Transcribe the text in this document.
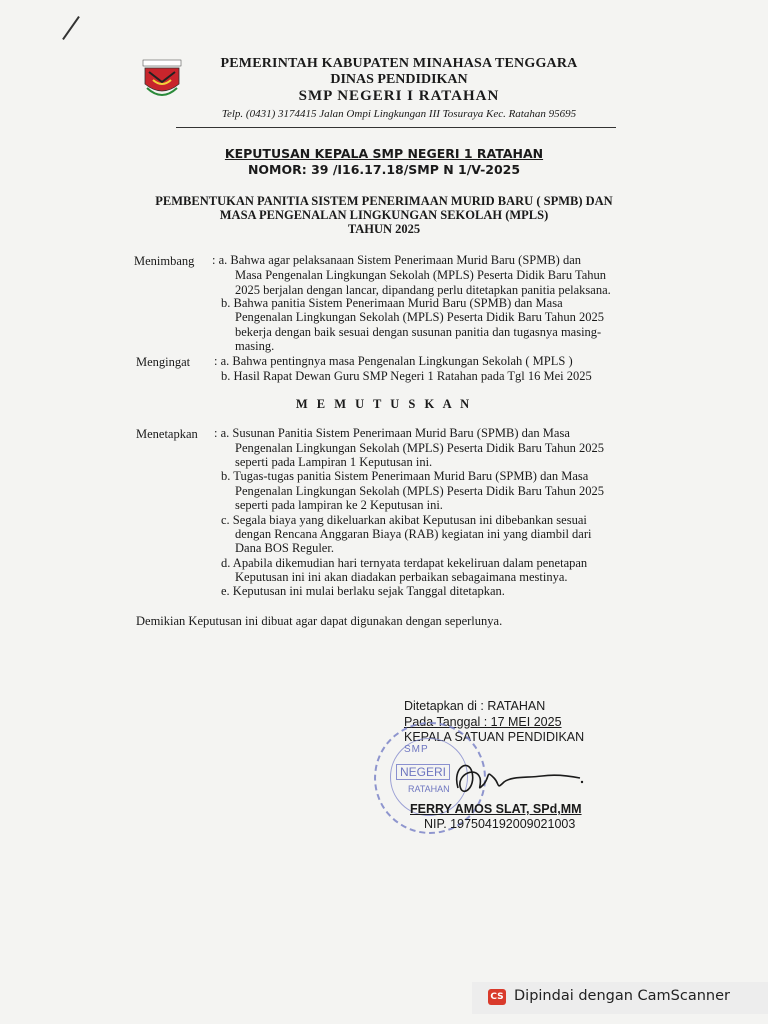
PEMERINTAH KABUPATEN MINAHASA TENGGARA
DINAS PENDIDIKAN
SMP NEGERI I RATAHAN
Telp. (0431) 3174415 Jalan Ompi Lingkungan III Tosuraya Kec. Ratahan 95695
KEPUTUSAN KEPALA SMP NEGERI 1 RATAHAN
NOMOR: 39 /I16.17.18/SMP N 1/V-2025
PEMBENTUKAN PANITIA SISTEM PENERIMAAN MURID BARU ( SPMB) DAN
MASA PENGENALAN LINGKUNGAN SEKOLAH (MPLS)
TAHUN 2025
Menimbang : a. Bahwa agar pelaksanaan Sistem Penerimaan Murid Baru (SPMB) dan
Masa Pengenalan Lingkungan Sekolah (MPLS) Peserta Didik Baru Tahun
2025 berjalan dengan lancar, dipandang perlu ditetapkan panitia pelaksana.
b. Bahwa panitia Sistem Penerimaan Murid Baru (SPMB) dan Masa
Pengenalan Lingkungan Sekolah (MPLS) Peserta Didik Baru Tahun 2025
bekerja dengan baik sesuai dengan susunan panitia dan tugasnya masing-
masing.
Mengingat : a. Bahwa pentingnya masa Pengenalan Lingkungan Sekolah ( MPLS )
b. Hasil Rapat Dewan Guru SMP Negeri 1 Ratahan pada Tgl 16 Mei 2025
M E M U T U S K A N
Menetapkan : a. Susunan Panitia Sistem Penerimaan Murid Baru (SPMB) dan Masa
Pengenalan Lingkungan Sekolah (MPLS) Peserta Didik Baru Tahun 2025
seperti pada Lampiran 1 Keputusan ini.
b. Tugas-tugas panitia Sistem Penerimaan Murid Baru (SPMB) dan Masa
Pengenalan Lingkungan Sekolah (MPLS) Peserta Didik Baru Tahun 2025
seperti pada lampiran ke 2 Keputusan ini.
c. Segala biaya yang dikeluarkan akibat Keputusan ini dibebankan sesuai
dengan Rencana Anggaran Biaya (RAB) kegiatan ini yang diambil dari
Dana BOS Reguler.
d. Apabila dikemudian hari ternyata terdapat kekeliruan dalam penetapan
Keputusan ini ini akan diadakan perbaikan sebagaimana mestinya.
e. Keputusan ini mulai berlaku sejak Tanggal ditetapkan.
Demikian Keputusan ini dibuat agar dapat digunakan dengan seperlunya.
Ditetapkan di : RATAHAN
Pada Tanggal : 17 MEI 2025
KEPALA SATUAN PENDIDIKAN
SMP
NEGERI
RATAHAN
FERRY AMOS SLAT, SPd,MM
NIP. 197504192009021003
CS Dipindai dengan CamScanner
